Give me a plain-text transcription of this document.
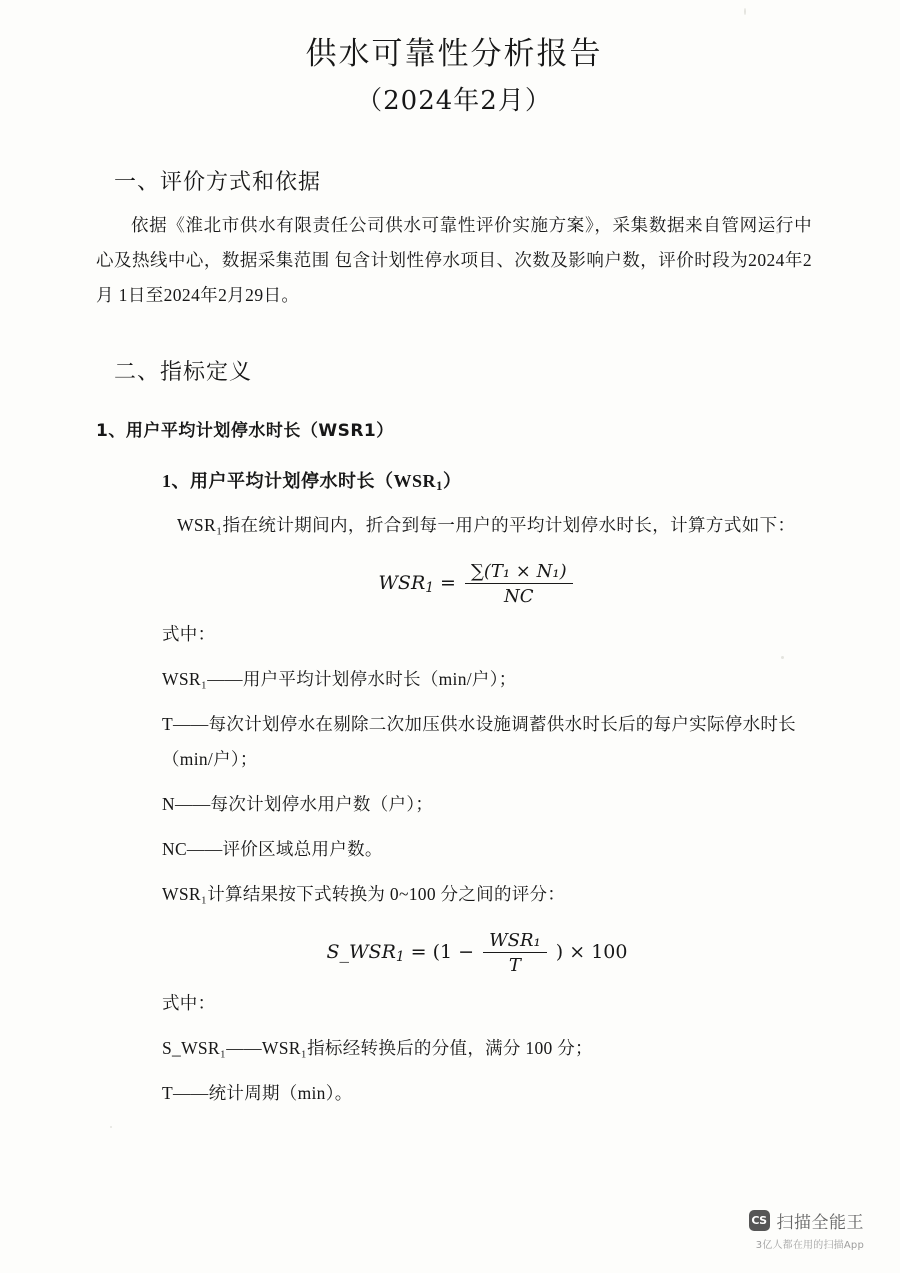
供水可靠性分析报告
（2024年2月）
一、评价方式和依据

依据《淮北市供水有限责任公司供水可靠性评价实施方案》，采集数据来自管网运行中心及热线中心，数据采集范围 包含计划性停水项目、次数及影响户数，评价时段为2024年2月 1日至2024年2月29日。

二、指标定义
1、用户平均计划停水时长（WSR1）
1、用户平均计划停水时长$(WSR_1)$

WSR₁指在统计期间内，折合到每一用户的平均计划停水时长，计算方式如下：

$WSR_1 = \frac{\text{∑(T₁ × N₁)}}{NC}$
式中：
WSR₁——用户平均计划停水时长（min/户）；
T——每次计划停水在剔除二次加压供水设施调蓄供水时长后的每户实际停水时长（min/户）；
N——每次计划停水用户数（户）；
NC——评价区域总用户数。
WSR₁计算结果按下式转换为 0~100 分之间的评分：
$S\_WSR_1 = (1 - \frac{\text{WSR₁}}{T}$ ) × 100
式中：
S_WSR₁——WSR₁指标经转换后的分值，满分 100 分；
T——统计周期（min）。
CS 扫描全能王
3亿人都在用的扫描App
